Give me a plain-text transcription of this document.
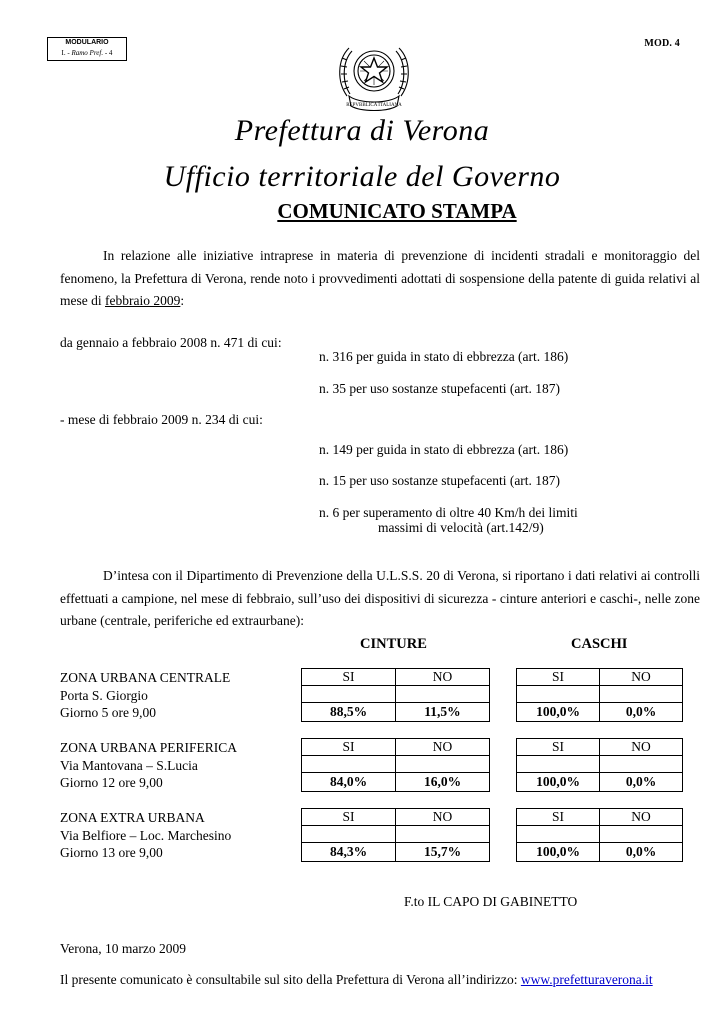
MODULARIO
I. - Ramo Pref. - 4
MOD. 4
REPVBBLICA ITALIANA
Prefettura di Verona
Ufficio territoriale del Governo
COMUNICATO STAMPA
In relazione alle iniziative intraprese in materia di prevenzione di incidenti stradali e monitoraggio del fenomeno, la Prefettura di Verona, rende noto i provvedimenti adottati di sospensione della patente di guida relativi al mese di febbraio 2009:
da gennaio a febbraio 2008 n. 471 di cui:
n. 316 per guida in stato di ebbrezza (art. 186)
n. 35 per uso sostanze stupefacenti (art. 187)
- mese di febbraio 2009 n. 234 di cui:
n. 149 per guida in stato di ebbrezza (art. 186)
n. 15 per uso sostanze stupefacenti (art. 187)
n. 6 per superamento di oltre 40 Km/h dei limiti
massimi di velocità (art.142/9)
D’intesa con il Dipartimento di Prevenzione della U.L.S.S. 20 di Verona, si riportano i dati relativi ai controlli effettuati a campione, nel mese di febbraio, sull’uso dei dispositivi di sicurezza - cinture anteriori e caschi-, nelle zone urbane (centrale, periferiche ed extraurbane):
CINTURE	CASCHI
ZONA URBANA CENTRALE
Porta S. Giorgio
Giorno 5 ore 9,00
SI	NO

88,5%	11,5%
SI	NO

100,0%	0,0%
ZONA URBANA PERIFERICA
Via Mantovana – S.Lucia
Giorno 12 ore 9,00
SI	NO

84,0%	16,0%
SI	NO

100,0%	0,0%
ZONA EXTRA URBANA
Via Belfiore – Loc. Marchesino
Giorno 13 ore 9,00
SI	NO

84,3%	15,7%
SI	NO

100,0%	0,0%
F.to IL CAPO DI GABINETTO
Verona, 10 marzo 2009
Il presente comunicato è consultabile sul sito della Prefettura di Verona all’indirizzo: www.prefetturaverona.it
